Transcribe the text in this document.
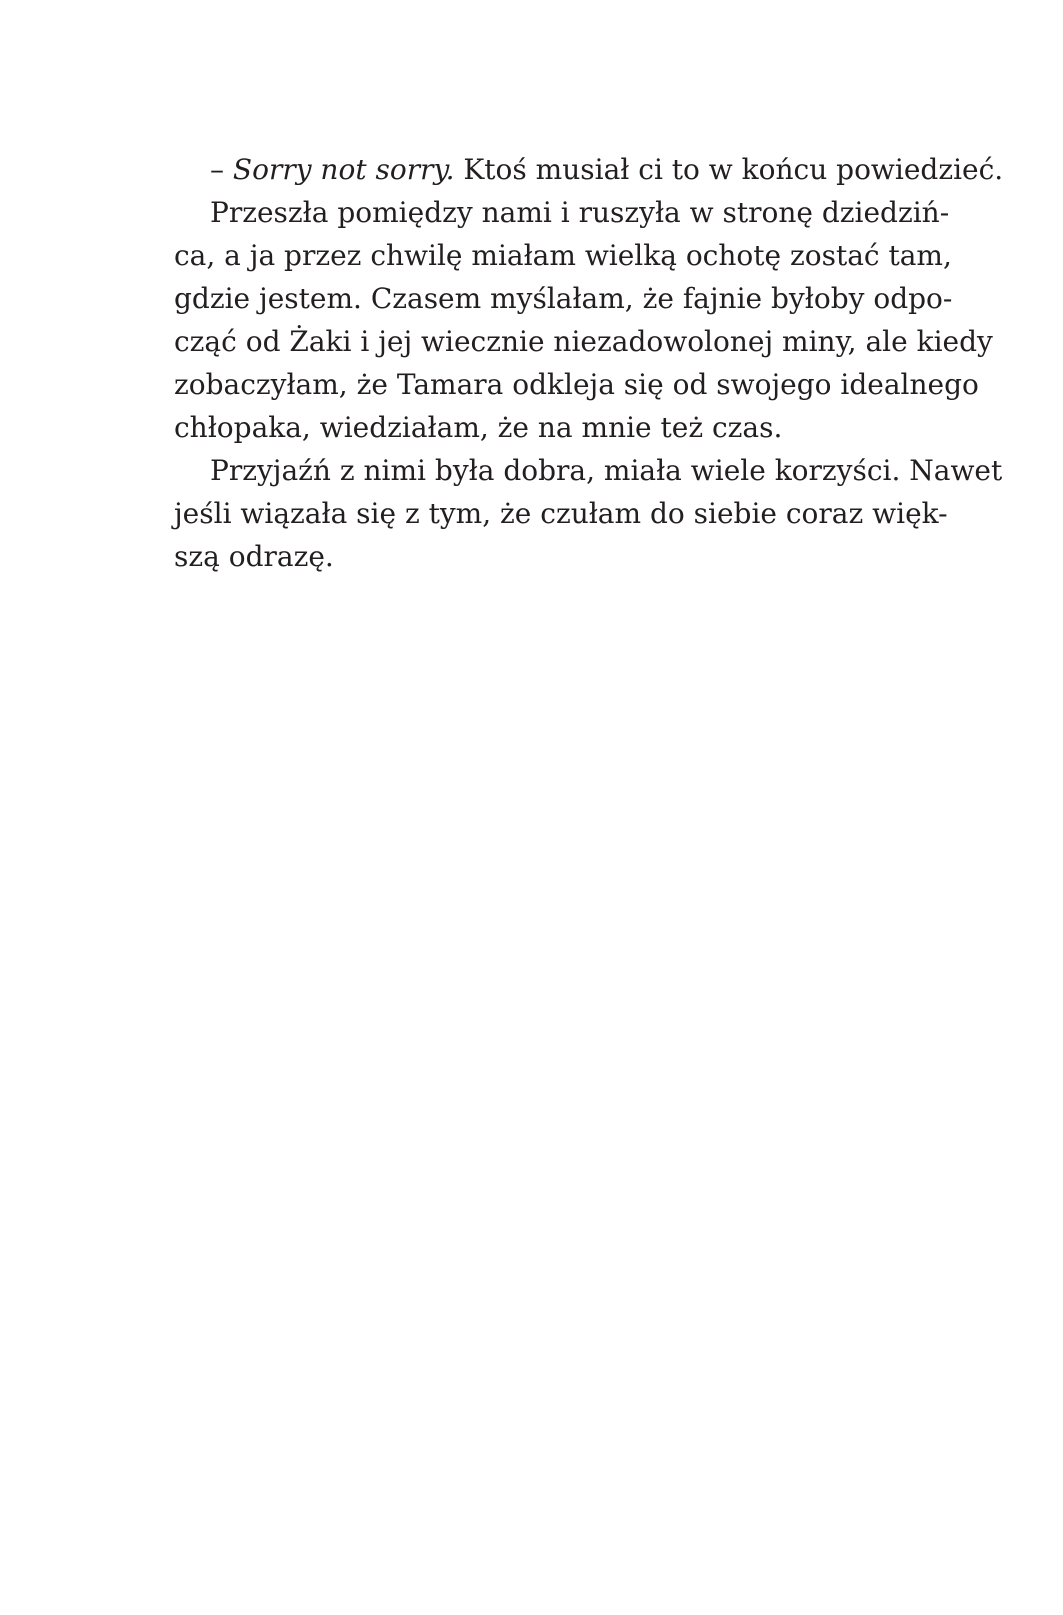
– Sorry not sorry. Ktoś musiał ci to w końcu powiedzieć.
Przeszła pomiędzy nami i ruszyła w stronę dziedziń-
ca, a ja przez chwilę miałam wielką ochotę zostać tam,
gdzie jestem. Czasem myślałam, że fajnie byłoby odpo-
cząć od Żaki i jej wiecznie niezadowolonej miny, ale kiedy
zobaczyłam, że Tamara odkleja się od swojego idealnego
chłopaka, wiedziałam, że na mnie też czas.
Przyjaźń z nimi była dobra, miała wiele korzyści. Nawet
jeśli wiązała się z tym, że czułam do siebie coraz więk-
szą odrazę.
